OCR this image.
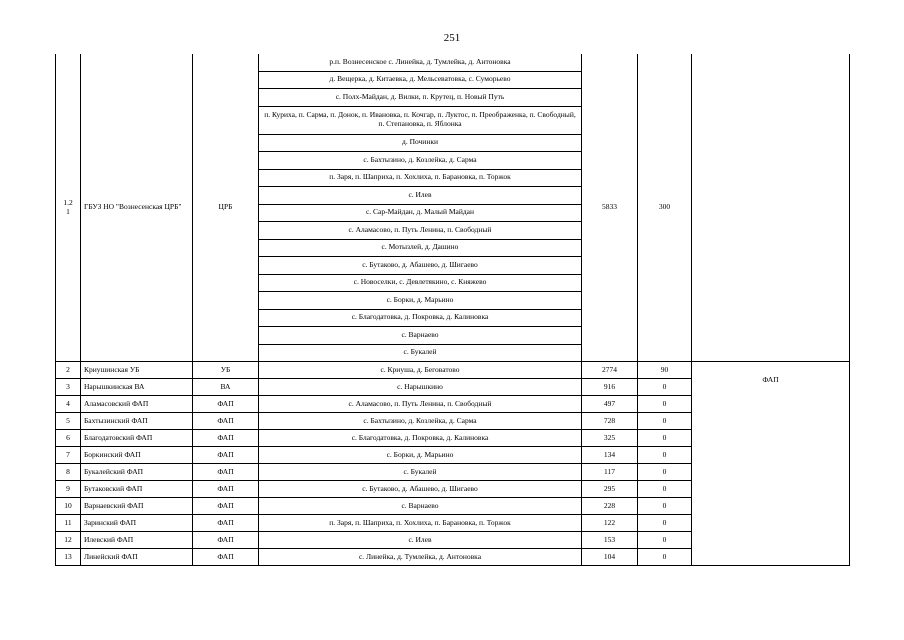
251
1.2
1	ГБУЗ НО "Вознесенская ЦРБ"	ЦРБ	р.п. Вознесенское с. Линейка, д. Тумлейка, д. Антоновка	5833	300	
			д. Вещерка, д. Китаевка, д. Мельсеватовка, с. Суморьево			
			с. Полх-Майдан, д. Вилки, п. Крутец, п. Новый Путь			
			п. Куриха, п. Сарма, п. Донок, п. Ивановка, п. Кочгар, п. Луктос, п. Преображенка, п. Свободный, п. Степановка, п. Яблонка			
			д. Починки			
			с. Бахтызино, д. Козлейка, д. Сарма			
			п. Заря, п. Шаприха, п. Хохлиха, п. Барановка, п. Торжок			
			с. Илев			
			с. Сар-Майдан, д. Малый Майдан			
			с. Аламасово, п. Путь Ленина, п. Свободный			
			с. Мотызлей, д. Дашино			
			с. Бутаково, д. Абашево, д. Шигаево			
			с. Новоселки, с. Девлетякино, с. Княжево			
			с. Борки, д. Марьино			
			с. Благодатовка, д. Покровка, д. Калиновка			
			с. Варнаево			
			с. Букалей			
2	Криушинская УБ	УБ	с. Криуша, д. Беговатово	2774	90	ФАП
3	Нарышкинская ВА	ВА	с. Нарышкино	916	0	
4	Аламасовский ФАП	ФАП	с. Аламасово, п. Путь Ленина, п. Свободный	497	0	
5	Бахтызинский ФАП	ФАП	с. Бахтызино, д. Козлейка, д. Сарма	728	0	
6	Благодатовский ФАП	ФАП	с. Благодатовка, д. Покровка, д. Калиновка	325	0	
7	Боркинский ФАП	ФАП	с. Борки, д. Марьино	134	0	
8	Букалейский ФАП	ФАП	с. Букалей	117	0	
9	Бутаковский ФАП	ФАП	с. Бутаково, д. Абашево, д. Шигаево	295	0	
10	Варнаевский ФАП	ФАП	с. Варнаево	228	0	
11	Заринский ФАП	ФАП	п. Заря, п. Шаприха, п. Хохлиха, п. Барановка, п. Торжок	122	0	
12	Илевский ФАП	ФАП	с. Илев	153	0	
13	Линейский ФАП	ФАП	с. Линейка, д. Тумлейка, д. Антоновка	104	0	
